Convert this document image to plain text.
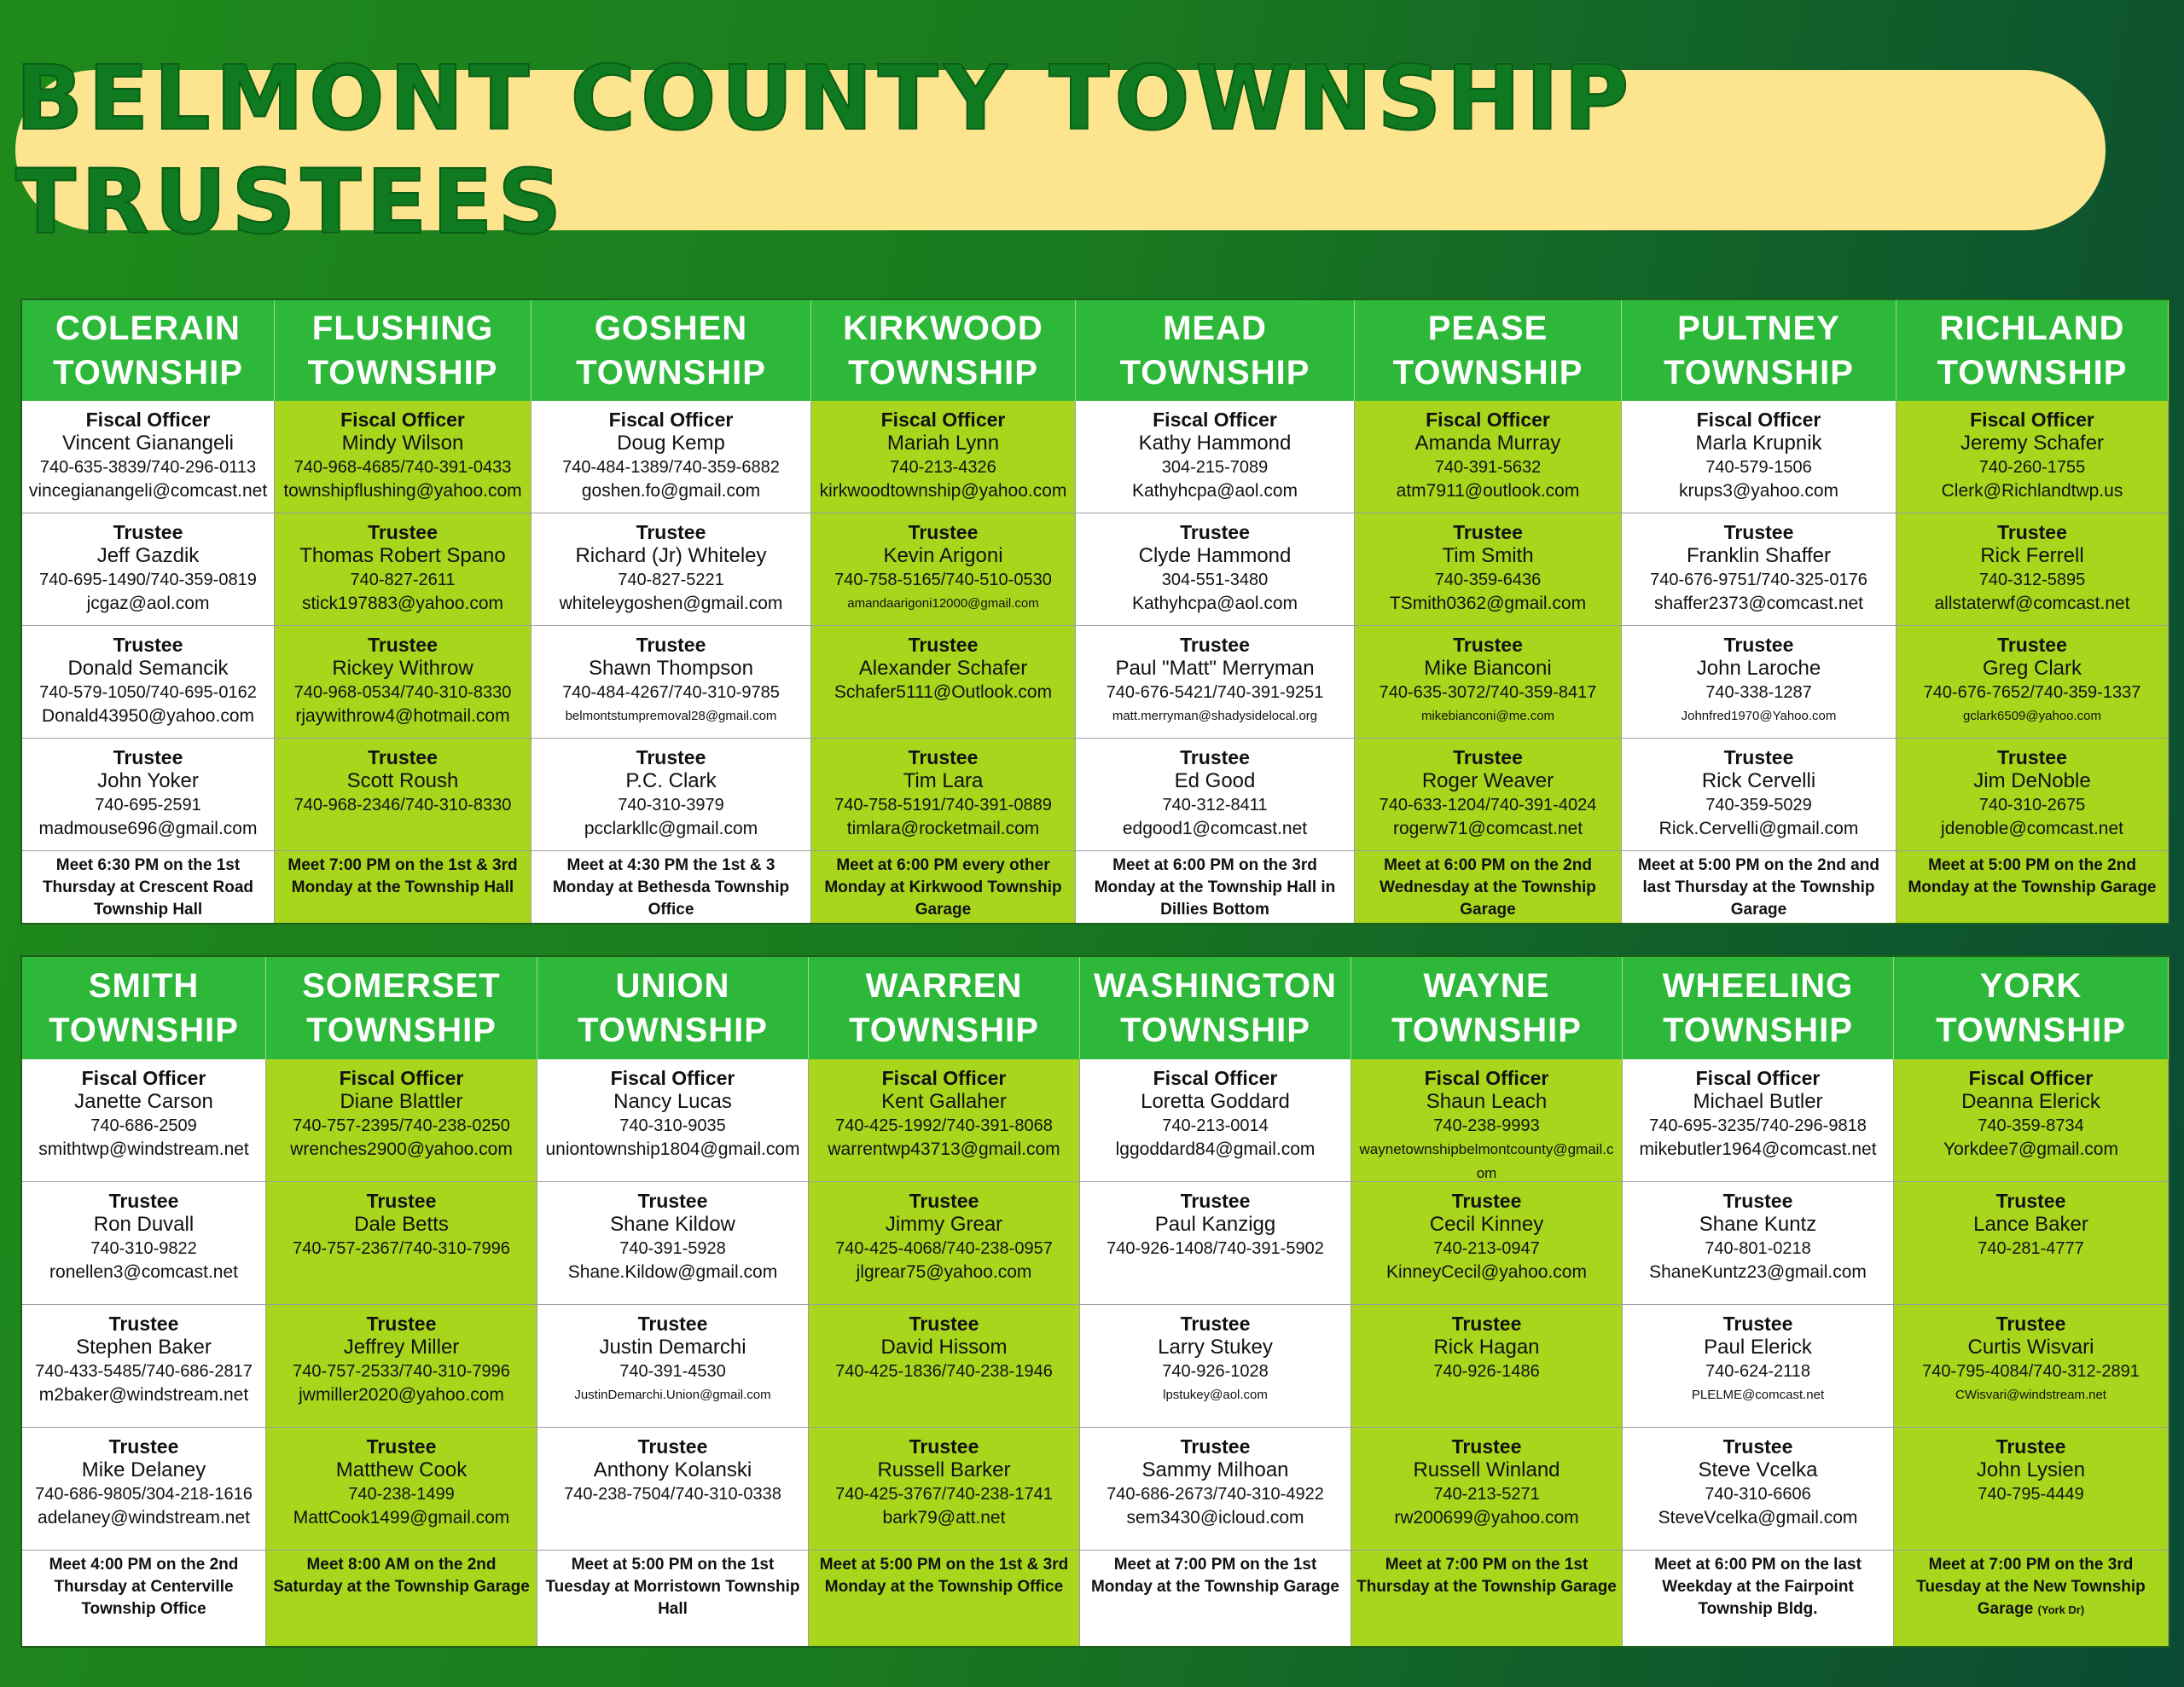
BELMONT COUNTY TOWNSHIP TRUSTEES
COLERAIN
TOWNSHIP
FLUSHING
TOWNSHIP
GOSHEN
TOWNSHIP
KIRKWOOD
TOWNSHIP
MEAD
TOWNSHIP
PEASE
TOWNSHIP
PULTNEY
TOWNSHIP
RICHLAND
TOWNSHIP
Fiscal Officer
Vincent Gianangeli
740-635-3839/740-296-0113
vincegianangeli@comcast.net
Fiscal Officer
Mindy Wilson
740-968-4685/740-391-0433
townshipflushing@yahoo.com
Fiscal Officer
Doug Kemp
740-484-1389/740-359-6882
goshen.fo@gmail.com
Fiscal Officer
Mariah Lynn
740-213-4326
kirkwoodtownship@yahoo.com
Fiscal Officer
Kathy Hammond
304-215-7089
Kathyhcpa@aol.com
Fiscal Officer
Amanda Murray
740-391-5632
atm7911@outlook.com
Fiscal Officer
Marla Krupnik
740-579-1506
krups3@yahoo.com
Fiscal Officer
Jeremy Schafer
740-260-1755
Clerk@Richlandtwp.us
Trustee
Jeff Gazdik
740-695-1490/740-359-0819
jcgaz@aol.com
Trustee
Thomas Robert Spano
740-827-2611
stick197883@yahoo.com
Trustee
Richard (Jr) Whiteley
740-827-5221
whiteleygoshen@gmail.com
Trustee
Kevin Arigoni
740-758-5165/740-510-0530
amandaarigoni12000@gmail.com
Trustee
Clyde Hammond
304-551-3480
Kathyhcpa@aol.com
Trustee
Tim Smith
740-359-6436
TSmith0362@gmail.com
Trustee
Franklin Shaffer
740-676-9751/740-325-0176
shaffer2373@comcast.net
Trustee
Rick Ferrell
740-312-5895
allstaterwf@comcast.net
Trustee
Donald Semancik
740-579-1050/740-695-0162
Donald43950@yahoo.com
Trustee
Rickey Withrow
740-968-0534/740-310-8330
rjaywithrow4@hotmail.com
Trustee
Shawn Thompson
740-484-4267/740-310-9785
belmontstumpremoval28@gmail.com
Trustee
Alexander Schafer
Schafer5111@Outlook.com
Trustee
Paul "Matt" Merryman
740-676-5421/740-391-9251
matt.merryman@shadysidelocal.org
Trustee
Mike Bianconi
740-635-3072/740-359-8417
mikebianconi@me.com
Trustee
John Laroche
740-338-1287
Johnfred1970@Yahoo.com
Trustee
Greg Clark
740-676-7652/740-359-1337
gclark6509@yahoo.com
Trustee
John Yoker
740-695-2591
madmouse696@gmail.com
Trustee
Scott Roush
740-968-2346/740-310-8330
Trustee
P.C. Clark
740-310-3979
pcclarkllc@gmail.com
Trustee
Tim Lara
740-758-5191/740-391-0889
timlara@rocketmail.com
Trustee
Ed Good
740-312-8411
edgood1@comcast.net
Trustee
Roger Weaver
740-633-1204/740-391-4024
rogerw71@comcast.net
Trustee
Rick Cervelli
740-359-5029
Rick.Cervelli@gmail.com
Trustee
Jim DeNoble
740-310-2675
jdenoble@comcast.net
Meet 6:30 PM on the 1st Thursday at Crescent Road Township Hall
Meet 7:00 PM on the 1st & 3rd Monday at the Township Hall
Meet at 4:30 PM the 1st & 3 Monday at Bethesda Township Office
Meet at 6:00 PM every other Monday at Kirkwood Township Garage
Meet at 6:00 PM on the 3rd Monday at the Township Hall in Dillies Bottom
Meet at 6:00 PM on the 2nd Wednesday at the Township Garage
Meet at 5:00 PM on the 2nd and last Thursday at the Township Garage
Meet at 5:00 PM on the 2nd Monday at the Township Garage
SMITH
TOWNSHIP
SOMERSET
TOWNSHIP
UNION
TOWNSHIP
WARREN
TOWNSHIP
WASHINGTON
TOWNSHIP
WAYNE
TOWNSHIP
WHEELING
TOWNSHIP
YORK
TOWNSHIP
Fiscal Officer
Janette Carson
740-686-2509
smithtwp@windstream.net
Fiscal Officer
Diane Blattler
740-757-2395/740-238-0250
wrenches2900@yahoo.com
Fiscal Officer
Nancy Lucas
740-310-9035
uniontownship1804@gmail.com
Fiscal Officer
Kent Gallaher
740-425-1992/740-391-8068
warrentwp43713@gmail.com
Fiscal Officer
Loretta Goddard
740-213-0014
lggoddard84@gmail.com
Fiscal Officer
Shaun Leach
740-238-9993
waynetownshipbelmontcounty@gmail.com
Fiscal Officer
Michael Butler
740-695-3235/740-296-9818
mikebutler1964@comcast.net
Fiscal Officer
Deanna Elerick
740-359-8734
Yorkdee7@gmail.com
Trustee
Ron Duvall
740-310-9822
ronellen3@comcast.net
Trustee
Dale Betts
740-757-2367/740-310-7996
Trustee
Shane Kildow
740-391-5928
Shane.Kildow@gmail.com
Trustee
Jimmy Grear
740-425-4068/740-238-0957
jlgrear75@yahoo.com
Trustee
Paul Kanzigg
740-926-1408/740-391-5902
Trustee
Cecil Kinney
740-213-0947
KinneyCecil@yahoo.com
Trustee
Shane Kuntz
740-801-0218
ShaneKuntz23@gmail.com
Trustee
Lance Baker
740-281-4777
Trustee
Stephen Baker
740-433-5485/740-686-2817
m2baker@windstream.net
Trustee
Jeffrey Miller
740-757-2533/740-310-7996
jwmiller2020@yahoo.com
Trustee
Justin Demarchi
740-391-4530
JustinDemarchi.Union@gmail.com
Trustee
David Hissom
740-425-1836/740-238-1946
Trustee
Larry Stukey
740-926-1028
lpstukey@aol.com
Trustee
Rick Hagan
740-926-1486
Trustee
Paul Elerick
740-624-2118
PLELME@comcast.net
Trustee
Curtis Wisvari
740-795-4084/740-312-2891
CWisvari@windstream.net
Trustee
Mike Delaney
740-686-9805/304-218-1616
adelaney@windstream.net
Trustee
Matthew Cook
740-238-1499
MattCook1499@gmail.com
Trustee
Anthony Kolanski
740-238-7504/740-310-0338
Trustee
Russell Barker
740-425-3767/740-238-1741
bark79@att.net
Trustee
Sammy Milhoan
740-686-2673/740-310-4922
sem3430@icloud.com
Trustee
Russell Winland
740-213-5271
rw200699@yahoo.com
Trustee
Steve Vcelka
740-310-6606
SteveVcelka@gmail.com
Trustee
John Lysien
740-795-4449
Meet 4:00 PM on the 2nd Thursday at Centerville Township Office
Meet 8:00 AM on the 2nd Saturday at the Township Garage
Meet at 5:00 PM on the 1st Tuesday at Morristown Township Hall
Meet at 5:00 PM on the 1st & 3rd Monday at the Township Office
Meet at 7:00 PM on the 1st Monday at the Township Garage
Meet at 7:00 PM on the 1st Thursday at the Township Garage
Meet at 6:00 PM on the last Weekday at the Fairpoint Township Bldg.
Meet at 7:00 PM on the 3rd Tuesday at the New Township Garage (York Dr)
